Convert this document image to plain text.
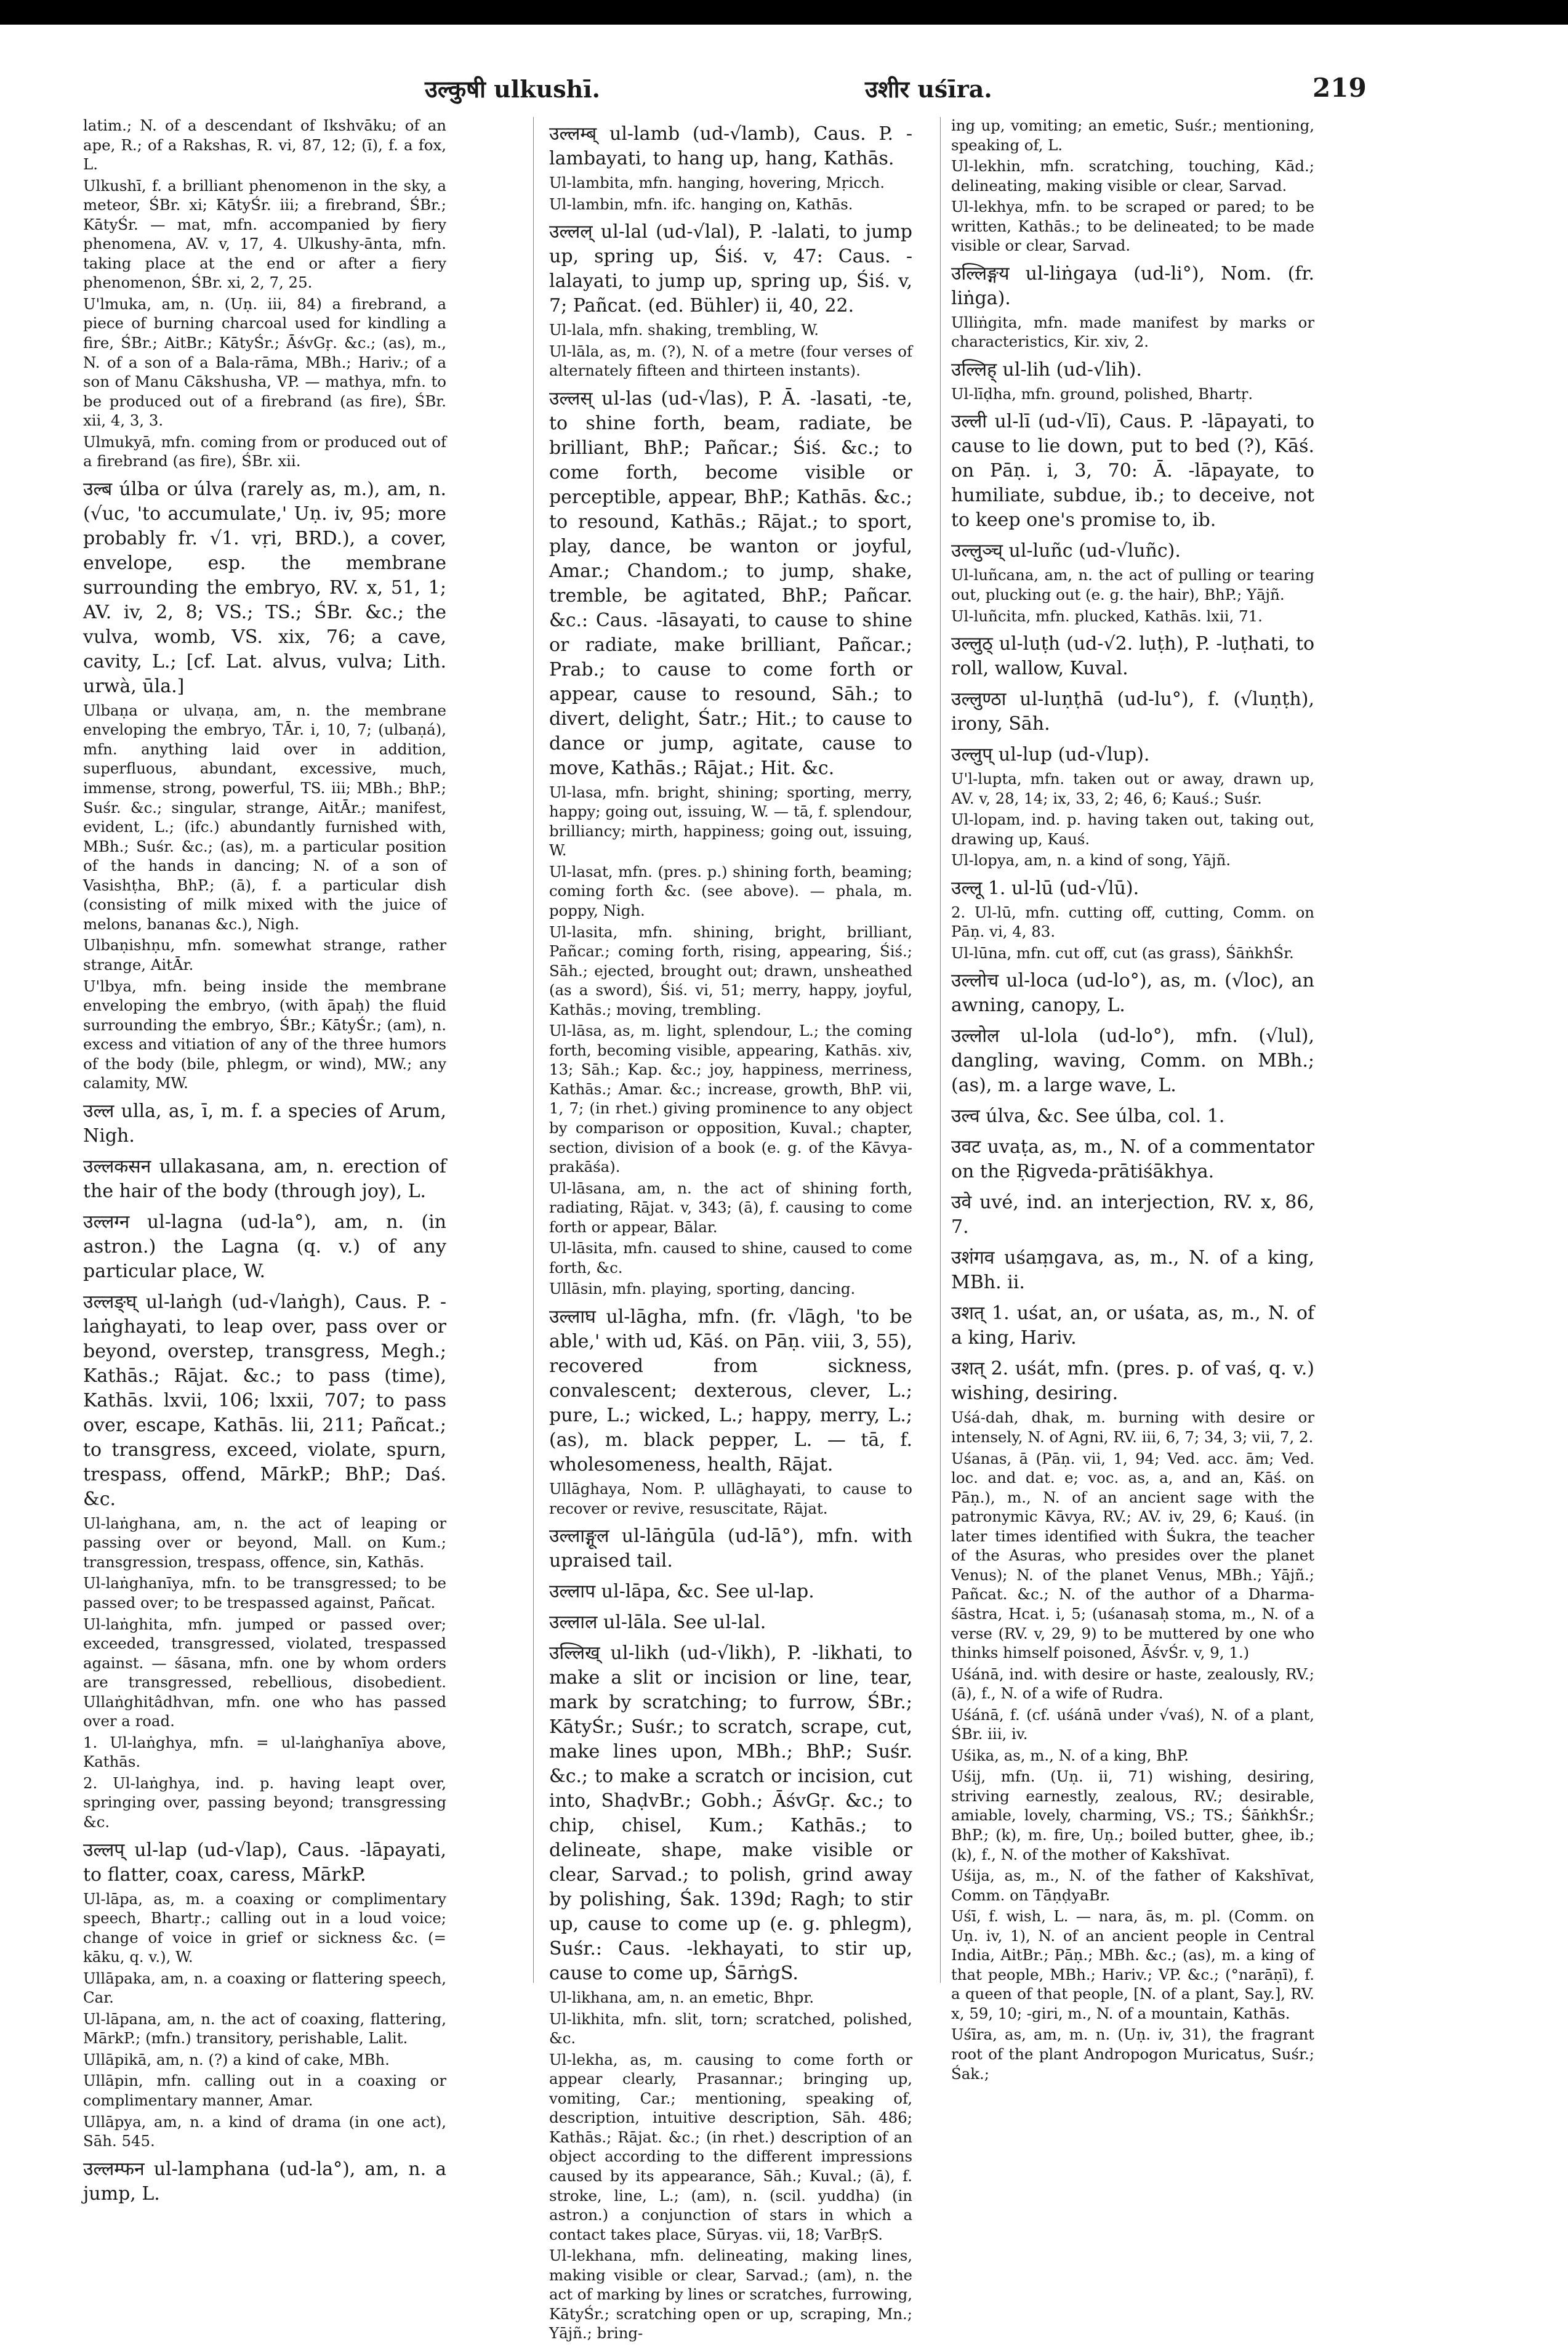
उल्कुषी ulkushī.	उशीर uśīra.	219

latim.; N. of a descendant of Ikshvāku; of an ape, R.; of a Rakshas, R. vi, 87, 12; (ī), f. a fox, L.

Ulkushī, f. a brilliant phenomenon in the sky, a meteor, ŚBr. xi; KātyŚr. iii; a firebrand, ŚBr.; KātyŚr. — mat, mfn. accompanied by fiery phenomena, AV. v, 17, 4. Ulkushy-ānta, mfn. taking place at the end or after a fiery phenomenon, ŚBr. xi, 2, 7, 25.

U'lmuka, am, n. (Uṇ. iii, 84) a firebrand, a piece of burning charcoal used for kindling a fire, ŚBr.; AitBr.; KātyŚr.; ĀśvGṛ. &c.; (as), m., N. of a son of a Bala-rāma, MBh.; Hariv.; of a son of Manu Cākshusha, VP. — mathya, mfn. to be produced out of a firebrand (as fire), ŚBr. xii, 4, 3, 3.

Ulmukyā, mfn. coming from or produced out of a firebrand (as fire), ŚBr. xii.

उल्ब úlba or úlva (rarely as, m.), am, n. (√uc, 'to accumulate,' Uṇ. iv, 95; more probably fr. √1. vṛi, BRD.), a cover, envelope, esp. the membrane surrounding the embryo, RV. x, 51, 1; AV. iv, 2, 8; VS.; TS.; ŚBr. &c.; the vulva, womb, VS. xix, 76; a cave, cavity, L.; [cf. Lat. alvus, vulva; Lith. urwà, ūla.]

Ulbaṇa or ulvaṇa, am, n. the membrane enveloping the embryo, TĀr. i, 10, 7; (ulbaṇá), mfn. anything laid over in addition, superfluous, abundant, excessive, much, immense, strong, powerful, TS. iii; MBh.; BhP.; Suśr. &c.; singular, strange, AitĀr.; manifest, evident, L.; (ifc.) abundantly furnished with, MBh.; Suśr. &c.; (as), m. a particular position of the hands in dancing; N. of a son of Vasishṭha, BhP.; (ā), f. a particular dish (consisting of milk mixed with the juice of melons, bananas &c.), Nigh.

Ulbaṇishṇu, mfn. somewhat strange, rather strange, AitĀr.

U'lbya, mfn. being inside the membrane enveloping the embryo, (with āpaḥ) the fluid surrounding the embryo, ŚBr.; KātyŚr.; (am), n. excess and vitiation of any of the three humors of the body (bile, phlegm, or wind), MW.; any calamity, MW.

उल्ल ulla, as, ī, m. f. a species of Arum, Nigh.

उल्लकसन ullakasana, am, n. erection of the hair of the body (through joy), L.

उल्लग्न ul-lagna (ud-la°), am, n. (in astron.) the Lagna (q. v.) of any particular place, W.

उल्लङ्घ् ul-laṅgh (ud-√laṅgh), Caus. P. -laṅghayati, to leap over, pass over or beyond, overstep, transgress, Megh.; Kathās.; Rājat. &c.; to pass (time), Kathās. lxvii, 106; lxxii, 707; to pass over, escape, Kathās. lii, 211; Pañcat.; to transgress, exceed, violate, spurn, trespass, offend, MārkP.; BhP.; Daś. &c.

Ul-laṅghana, am, n. the act of leaping or passing over or beyond, Mall. on Kum.; transgression, trespass, offence, sin, Kathās.

Ul-laṅghanīya, mfn. to be transgressed; to be passed over; to be trespassed against, Pañcat.

Ul-laṅghita, mfn. jumped or passed over; exceeded, transgressed, violated, trespassed against. — śāsana, mfn. one by whom orders are transgressed, rebellious, disobedient. Ullaṅghitâdhvan, mfn. one who has passed over a road.

1. Ul-laṅghya, mfn. = ul-laṅghanīya above, Kathās.

2. Ul-laṅghya, ind. p. having leapt over, springing over, passing beyond; transgressing &c.

उल्लप् ul-lap (ud-√lap), Caus. -lāpayati, to flatter, coax, caress, MārkP.

Ul-lāpa, as, m. a coaxing or complimentary speech, Bhartṛ.; calling out in a loud voice; change of voice in grief or sickness &c. (= kāku, q. v.), W.

Ullāpaka, am, n. a coaxing or flattering speech, Car.

Ul-lāpana, am, n. the act of coaxing, flattering, MārkP.; (mfn.) transitory, perishable, Lalit.

Ullāpikā, am, n. (?) a kind of cake, MBh.

Ullāpin, mfn. calling out in a coaxing or complimentary manner, Amar.

Ullāpya, am, n. a kind of drama (in one act), Sāh. 545.

उल्लम्फन ul-lamphana (ud-la°), am, n. a jump, L.

उल्लम्ब् ul-lamb (ud-√lamb), Caus. P. -lambayati, to hang up, hang, Kathās.

Ul-lambita, mfn. hanging, hovering, Mṛicch.

Ul-lambin, mfn. ifc. hanging on, Kathās.

उल्लल् ul-lal (ud-√lal), P. -lalati, to jump up, spring up, Śiś. v, 47: Caus. -lalayati, to jump up, spring up, Śiś. v, 7; Pañcat. (ed. Bühler) ii, 40, 22.

Ul-lala, mfn. shaking, trembling, W.

Ul-lāla, as, m. (?), N. of a metre (four verses of alternately fifteen and thirteen instants).

उल्लस् ul-las (ud-√las), P. Ā. -lasati, -te, to shine forth, beam, radiate, be brilliant, BhP.; Pañcar.; Śiś. &c.; to come forth, become visible or perceptible, appear, BhP.; Kathās. &c.; to resound, Kathās.; Rājat.; to sport, play, dance, be wanton or joyful, Amar.; Chandom.; to jump, shake, tremble, be agitated, BhP.; Pañcar. &c.: Caus. -lāsayati, to cause to shine or radiate, make brilliant, Pañcar.; Prab.; to cause to come forth or appear, cause to resound, Sāh.; to divert, delight, Śatr.; Hit.; to cause to dance or jump, agitate, cause to move, Kathās.; Rājat.; Hit. &c.

Ul-lasa, mfn. bright, shining; sporting, merry, happy; going out, issuing, W. — tā, f. splendour, brilliancy; mirth, happiness; going out, issuing, W.

Ul-lasat, mfn. (pres. p.) shining forth, beaming; coming forth &c. (see above). — phala, m. poppy, Nigh.

Ul-lasita, mfn. shining, bright, brilliant, Pañcar.; coming forth, rising, appearing, Śiś.; Sāh.; ejected, brought out; drawn, unsheathed (as a sword), Śiś. vi, 51; merry, happy, joyful, Kathās.; moving, trembling.

Ul-lāsa, as, m. light, splendour, L.; the coming forth, becoming visible, appearing, Kathās. xiv, 13; Sāh.; Kap. &c.; joy, happiness, merriness, Kathās.; Amar. &c.; increase, growth, BhP. vii, 1, 7; (in rhet.) giving prominence to any object by comparison or opposition, Kuval.; chapter, section, division of a book (e. g. of the Kāvya-prakāśa).

Ul-lāsana, am, n. the act of shining forth, radiating, Rājat. v, 343; (ā), f. causing to come forth or appear, Bālar.

Ul-lāsita, mfn. caused to shine, caused to come forth, &c.

Ullāsin, mfn. playing, sporting, dancing.

उल्लाघ ul-lāgha, mfn. (fr. √lāgh, 'to be able,' with ud, Kāś. on Pāṇ. viii, 3, 55), recovered from sickness, convalescent; dexterous, clever, L.; pure, L.; wicked, L.; happy, merry, L.; (as), m. black pepper, L. — tā, f. wholesomeness, health, Rājat.

Ullāghaya, Nom. P. ullāghayati, to cause to recover or revive, resuscitate, Rājat.

उल्लाङ्गूल ul-lāṅgūla (ud-lā°), mfn. with upraised tail.

उल्लाप ul-lāpa, &c. See ul-lap.

उल्लाल ul-lāla. See ul-lal.

उल्लिख् ul-likh (ud-√likh), P. -likhati, to make a slit or incision or line, tear, mark by scratching; to furrow, ŚBr.; KātyŚr.; Suśr.; to scratch, scrape, cut, make lines upon, MBh.; BhP.; Suśr. &c.; to make a scratch or incision, cut into, ShaḍvBr.; Gobh.; ĀśvGṛ. &c.; to chip, chisel, Kum.; Kathās.; to delineate, shape, make visible or clear, Sarvad.; to polish, grind away by polishing, Śak. 139d; Ragh; to stir up, cause to come up (e. g. phlegm), Suśr.: Caus. -lekhayati, to stir up, cause to come up, ŚārṅgS.

Ul-likhana, am, n. an emetic, Bhpr.

Ul-likhita, mfn. slit, torn; scratched, polished, &c.

Ul-lekha, as, m. causing to come forth or appear clearly, Prasannar.; bringing up, vomiting, Car.; mentioning, speaking of, description, intuitive description, Sāh. 486; Kathās.; Rājat. &c.; (in rhet.) description of an object according to the different impressions caused by its appearance, Sāh.; Kuval.; (ā), f. stroke, line, L.; (am), n. (scil. yuddha) (in astron.) a conjunction of stars in which a contact takes place, Sūryas. vii, 18; VarBṛS.

Ul-lekhana, mfn. delineating, making lines, making visible or clear, Sarvad.; (am), n. the act of marking by lines or scratches, furrowing, KātyŚr.; scratching open or up, scraping, Mn.; Yājñ.; bring-

ing up, vomiting; an emetic, Suśr.; mentioning, speaking of, L.

Ul-lekhin, mfn. scratching, touching, Kād.; delineating, making visible or clear, Sarvad.

Ul-lekhya, mfn. to be scraped or pared; to be written, Kathās.; to be delineated; to be made visible or clear, Sarvad.

उल्लिङ्गय ul-liṅgaya (ud-li°), Nom. (fr. liṅga).

Ulliṅgita, mfn. made manifest by marks or characteristics, Kir. xiv, 2.

उल्लिह् ul-lih (ud-√lih).

Ul-līḍha, mfn. ground, polished, Bhartṛ.

उल्ली ul-lī (ud-√lī), Caus. P. -lāpayati, to cause to lie down, put to bed (?), Kāś. on Pāṇ. i, 3, 70: Ā. -lāpayate, to humiliate, subdue, ib.; to deceive, not to keep one's promise to, ib.

उल्लुञ्च् ul-luñc (ud-√luñc).

Ul-luñcana, am, n. the act of pulling or tearing out, plucking out (e. g. the hair), BhP.; Yājñ.

Ul-luñcita, mfn. plucked, Kathās. lxii, 71.

उल्लुठ् ul-luṭh (ud-√2. luṭh), P. -luṭhati, to roll, wallow, Kuval.

उल्लुण्ठा ul-luṇṭhā (ud-lu°), f. (√luṇṭh), irony, Sāh.

उल्लुप् ul-lup (ud-√lup).

U'l-lupta, mfn. taken out or away, drawn up, AV. v, 28, 14; ix, 33, 2; 46, 6; Kauś.; Suśr.

Ul-lopam, ind. p. having taken out, taking out, drawing up, Kauś.

Ul-lopya, am, n. a kind of song, Yājñ.

उल्लू 1. ul-lū (ud-√lū).

2. Ul-lū, mfn. cutting off, cutting, Comm. on Pāṇ. vi, 4, 83.

Ul-lūna, mfn. cut off, cut (as grass), ŚāṅkhŚr.

उल्लोच ul-loca (ud-lo°), as, m. (√loc), an awning, canopy, L.

उल्लोल ul-lola (ud-lo°), mfn. (√lul), dangling, waving, Comm. on MBh.; (as), m. a large wave, L.

उल्व úlva, &c. See úlba, col. 1.

उवट uvaṭa, as, m., N. of a commentator on the Ṛigveda-prātiśākhya.

उवे uvé, ind. an interjection, RV. x, 86, 7.

उशंगव uśaṃgava, as, m., N. of a king, MBh. ii.

उशत् 1. uśat, an, or uśata, as, m., N. of a king, Hariv.

उशत् 2. uśát, mfn. (pres. p. of vaś, q. v.) wishing, desiring.

Uśá-dah, dhak, m. burning with desire or intensely, N. of Agni, RV. iii, 6, 7; 34, 3; vii, 7, 2.

Uśanas, ā (Pāṇ. vii, 1, 94; Ved. acc. ām; Ved. loc. and dat. e; voc. as, a, and an, Kāś. on Pāṇ.), m., N. of an ancient sage with the patronymic Kāvya, RV.; AV. iv, 29, 6; Kauś. (in later times identified with Śukra, the teacher of the Asuras, who presides over the planet Venus); N. of the planet Venus, MBh.; Yājñ.; Pañcat. &c.; N. of the author of a Dharma-śāstra, Hcat. i, 5; (uśanasaḥ stoma, m., N. of a verse (RV. v, 29, 9) to be muttered by one who thinks himself poisoned, ĀśvŚr. v, 9, 1.)

Uśánā, ind. with desire or haste, zealously, RV.; (ā), f., N. of a wife of Rudra.

Uśánā, f. (cf. uśánā under √vaś), N. of a plant, ŚBr. iii, iv.

Uśika, as, m., N. of a king, BhP.

Uśij, mfn. (Uṇ. ii, 71) wishing, desiring, striving earnestly, zealous, RV.; desirable, amiable, lovely, charming, VS.; TS.; ŚāṅkhŚr.; BhP.; (k), m. fire, Uṇ.; boiled butter, ghee, ib.; (k), f., N. of the mother of Kakshīvat.

Uśija, as, m., N. of the father of Kakshīvat, Comm. on TāṇḍyaBr.

Uśī, f. wish, L. — nara, ās, m. pl. (Comm. on Uṇ. iv, 1), N. of an ancient people in Central India, AitBr.; Pāṇ.; MBh. &c.; (as), m. a king of that people, MBh.; Hariv.; VP. &c.; (°narāṇī), f. a queen of that people, [N. of a plant, Say.], RV. x, 59, 10; -giri, m., N. of a mountain, Kathās.

Uśīra, as, am, m. n. (Uṇ. iv, 31), the fragrant root of the plant Andropogon Muricatus, Suśr.; Śak.;
